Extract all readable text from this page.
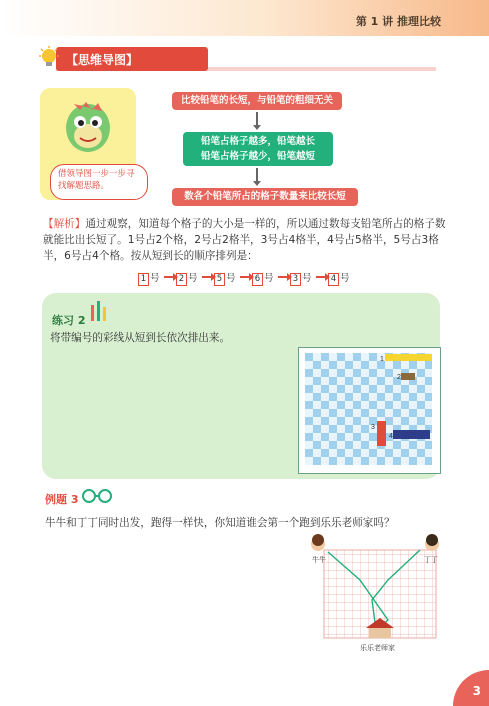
第 1 讲 推理比较
【思维导图】
借领导图一步一步寻找解题思路。
比较铅笔的长短，与铅笔的粗细无关
铅笔占格子越多，铅笔越长
铅笔占格子越少，铅笔越短
数各个铅笔所占的格子数量来比较长短
【解析】通过观察，知道每个格子的大小是一样的，所以通过数每支铅笔所占的格子数就能比出长短了。1号占2个格，2号占2格半，3号占4格半，4号占5格半，5号占3格半，6号占4个格。按从短到长的顺序排列是：
1 号	2 号	5 号	6 号	3 号	4 号
练习 2
将带编号的彩线从短到长依次排出来。
1
2
3
4
例题 3
牛牛和丁丁同时出发，跑得一样快，你知道谁会第一个跑到乐乐老师家吗？
牛牛	丁丁
乐乐老师家
3
